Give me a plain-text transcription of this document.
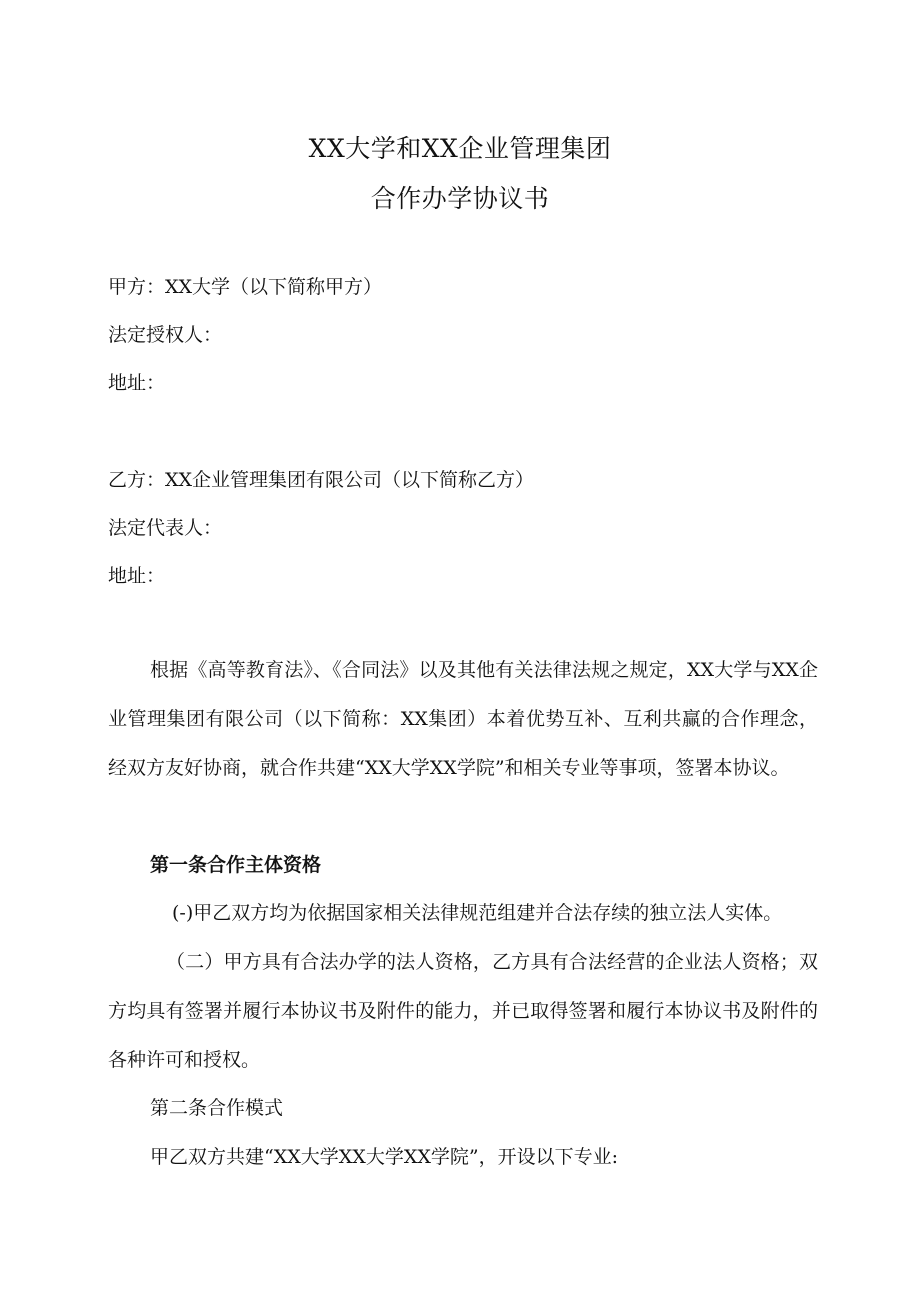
XX大学和XX企业管理集团
合作办学协议书
甲方：XX大学（以下简称甲方）
法定授权人：
地址：
乙方：XX企业管理集团有限公司（以下简称乙方）
法定代表人：
地址：
根据《高等教育法》、《合同法》以及其他有关法律法规之规定，XX大学与XX企业管理集团有限公司（以下简称：XX集团）本着优势互补、互利共赢的合作理念，经双方友好协商，就合作共建“XX大学XX学院”和相关专业等事项，签署本协议。
第一条合作主体资格
(-)甲乙双方均为依据国家相关法律规范组建并合法存续的独立法人实体。
（二）甲方具有合法办学的法人资格，乙方具有合法经营的企业法人资格；双方均具有签署并履行本协议书及附件的能力，并已取得签署和履行本协议书及附件的各种许可和授权。
第二条合作模式
甲乙双方共建“XX大学XX大学XX学院”，开设以下专业:
